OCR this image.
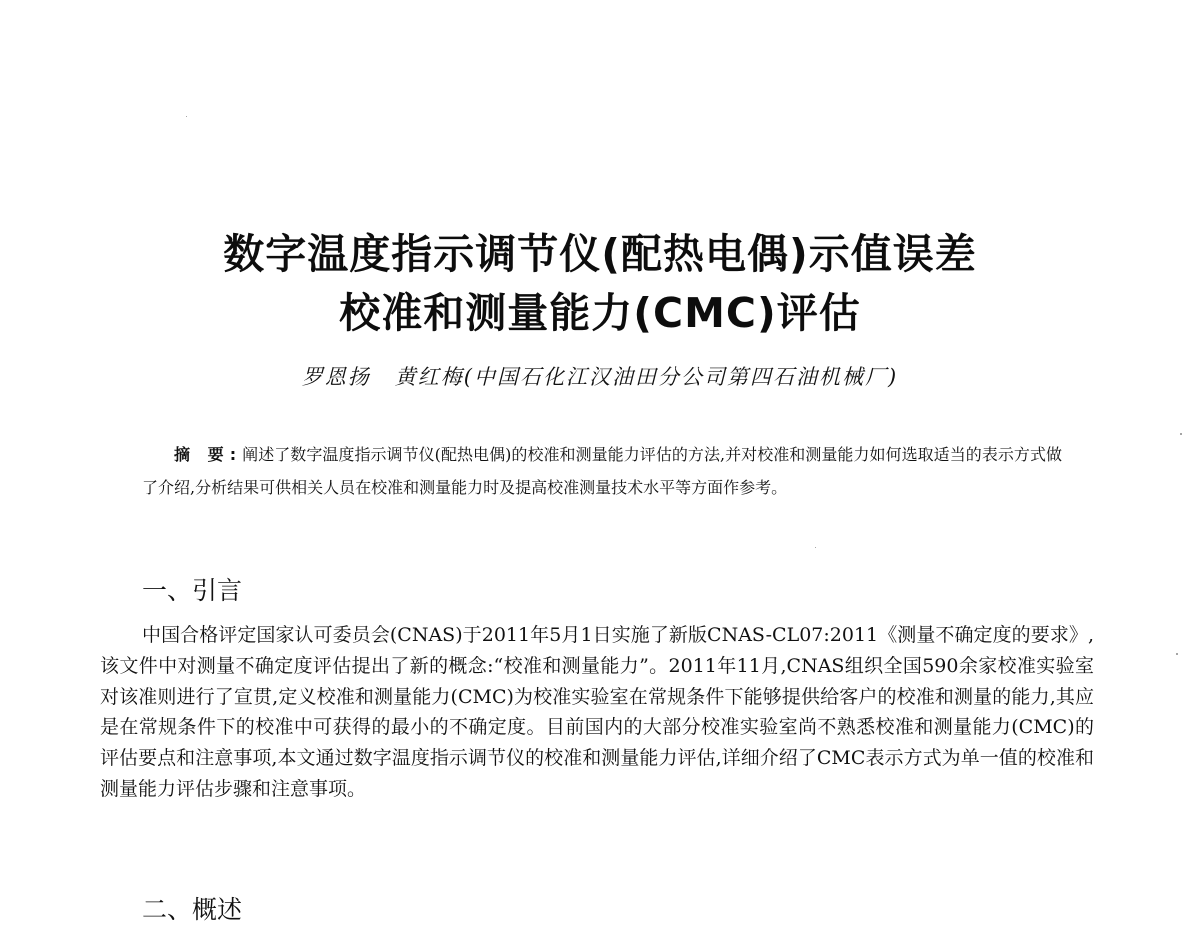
数字温度指示调节仪(配热电偶)示值误差
校准和测量能力(CMC)评估
罗恩扬 黄红梅(中国石化江汉油田分公司第四石油机械厂)
摘 要:阐述了数字温度指示调节仪(配热电偶)的校准和测量能力评估的方法,并对校准和测量能力如何选取适当的表示方式做了介绍,分析结果可供相关人员在校准和测量能力时及提高校准测量技术水平等方面作参考。
一、引言
中国合格评定国家认可委员会(CNAS)于2011年5月1日实施了新版CNAS-CL07:2011《测量不确定度的要求》,该文件中对测量不确定度评估提出了新的概念:“校准和测量能力”。2011年11月,CNAS组织全国590余家校准实验室对该准则进行了宣贯,定义校准和测量能力(CMC)为校准实验室在常规条件下能够提供给客户的校准和测量的能力,其应是在常规条件下的校准中可获得的最小的不确定度。目前国内的大部分校准实验室尚不熟悉校准和测量能力(CMC)的评估要点和注意事项,本文通过数字温度指示调节仪的校准和测量能力评估,详细介绍了CMC表示方式为单一值的校准和测量能力评估步骤和注意事项。
二、概述
